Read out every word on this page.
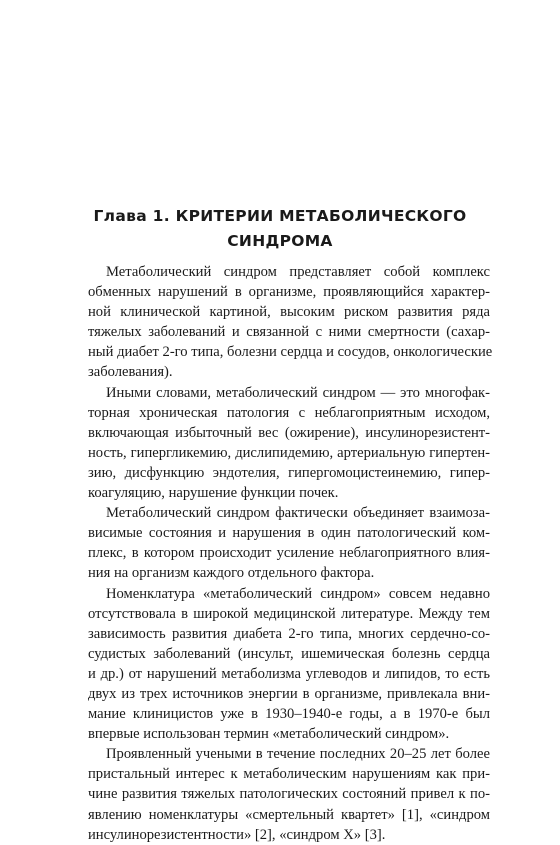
Глава 1. КРИТЕРИИ МЕТАБОЛИЧЕСКОГО
СИНДРОМА
Метаболический синдром представляет собой комплекс
обменных нарушений в организме, проявляющийся характер-
ной клинической картиной, высоким риском развития ряда
тяжелых заболеваний и связанной с ними смертности (сахар-
ный диабет 2-го типа, болезни сердца и сосудов, онкологические
заболевания).
Иными словами, метаболический синдром — это многофак-
торная хроническая патология с неблагоприятным исходом,
включающая избыточный вес (ожирение), инсулинорезистент-
ность, гипергликемию, дислипидемию, артериальную гипертен-
зию, дисфункцию эндотелия, гипергомоцистеинемию, гипер-
коагуляцию, нарушение функции почек.
Метаболический синдром фактически объединяет взаимоза-
висимые состояния и нарушения в один патологический ком-
плекс, в котором происходит усиление неблагоприятного влия-
ния на организм каждого отдельного фактора.
Номенклатура «метаболический синдром» совсем недавно
отсутствовала в широкой медицинской литературе. Между тем
зависимость развития диабета 2-го типа, многих сердечно-со-
судистых заболеваний (инсульт, ишемическая болезнь сердца
и др.) от нарушений метаболизма углеводов и липидов, то есть
двух из трех источников энергии в организме, привлекала вни-
мание клиницистов уже в 1930–1940-е годы, а в 1970-е был
впервые использован термин «метаболический синдром».
Проявленный учеными в течение последних 20–25 лет более
пристальный интерес к метаболическим нарушениям как при-
чине развития тяжелых патологических состояний привел к по-
явлению номенклатуры «смертельный квартет» [1], «синдром
инсулинорезистентности» [2], «синдром X» [3].
